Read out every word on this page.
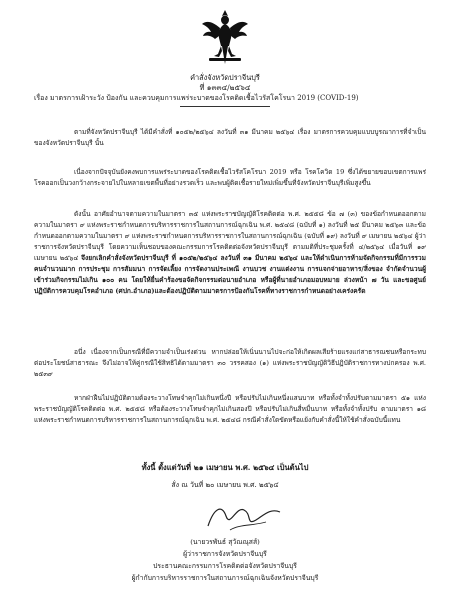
คำสั่งจังหวัดปราจีนบุรี
ที่ ๑๓๓๔/๒๕๖๔
เรื่อง มาตรการเฝ้าระวัง ป้องกัน และควบคุมการแพร่ระบาดของโรคติดเชื้อไวรัสโคโรนา 2019 (COVID-19)
ตามที่จังหวัดปราจีนบุรี ได้มีคำสั่งที่ ๑๐๕๒/๒๕๖๔ ลงวันที่ ๓๑ มีนาคม ๒๕๖๔ เรื่อง มาตรการควบคุมแบบบูรณาการที่จำเป็นของจังหวัดปราจีนบุรี นั้น
เนื่องจากปัจจุบันยังคงพบการแพร่ระบาดของโรคติดเชื้อไวรัสโคโรนา 2019 หรือ โรคโควิด 19 ซึ่งได้ขยายขอบเขตการแพร่โรคออกเป็นวงกว้างกระจายไปในหลายเขตพื้นที่อย่างรวดเร็ว และพบผู้ติดเชื้อรายใหม่เพิ่มขึ้นที่จังหวัดปราจีนบุรีเพิ่มสูงขึ้น
ดังนั้น อาศัยอำนาจตามความในมาตรา ๓๕ แห่งพระราชบัญญัติโรคติดต่อ พ.ศ. ๒๕๕๘ ข้อ ๗ (๓) ของข้อกำหนดออกตามความในมาตรา ๙ แห่งพระราชกำหนดการบริหารราชการในสถานการณ์ฉุกเฉิน พ.ศ. ๒๕๔๘ (ฉบับที่ ๑) ลงวันที่ ๒๕ มีนาคม ๒๕๖๓ และข้อกำหนดออกตามความในมาตรา ๙ แห่งพระราชกำหนดการบริหารราชการในสถานการณ์ฉุกเฉิน (ฉบับที่ ๑๙) ลงวันที่ ๙ เมษายน ๒๕๖๔ ผู้ว่าราชการจังหวัดปราจีนบุรี โดยความเห็นชอบของคณะกรรมการโรคติดต่อจังหวัดปราจีนบุรี ตามมติที่ประชุมครั้งที่ ๔/๒๕๖๔ เมื่อวันที่ ๑๙ เมษายน ๒๕๖๔ จึงยกเลิกคำสั่งจังหวัดปราจีนบุรี ที่ ๑๐๕๒/๒๕๖๔ ลงวันที่ ๓๑ มีนาคม ๒๕๖๔ และให้ดำเนินการห้ามจัดกิจกรรมที่มีการรวมคนจำนวนมาก การประชุม การสัมมนา การจัดเลี้ยง การจัดงานประเพณี งานบวช งานแต่งงาน การแจกจ่ายอาหาร/สิ่งของ จำกัดจำนวนผู้เข้าร่วมกิจกรรมไม่เกิน ๑๐๐ คน โดยให้ยื่นคำร้องขอจัดกิจกรรมต่อนายอำเภอ หรือผู้ที่นายอำเภอมอบหมาย ล่วงหน้า ๗ วัน และขอศูนย์ปฏิบัติการควบคุมโรคอำเภอ (ศปก.อำเภอ)และต้องปฏิบัติตามมาตรการป้องกันโรคที่ทางราชการกำหนดอย่างเคร่งครัด
อนึ่ง เนื่องจากเป็นกรณีที่มีความจำเป็นเร่งด่วน หากปล่อยให้เนิ่นนานไปจะก่อให้เกิดผลเสียร้ายแรงแก่สาธารณชนหรือกระทบต่อประโยชน์สาธารณะ จึงไม่อาจให้คู่กรณีใช้สิทธิได้ตามมาตรา ๓๐ วรรคสอง (๑) แห่งพระราชบัญญัติวิธีปฏิบัติราชการทางปกครอง พ.ศ. ๒๕๓๙
หากฝ่าฝืนไม่ปฏิบัติตามต้องระวางโทษจำคุกไม่เกินหนึ่งปี หรือปรับไม่เกินหนึ่งแสนบาท หรือทั้งจำทั้งปรับตามมาตรา ๕๑ แห่งพระราชบัญญัติโรคติดต่อ พ.ศ. ๒๕๕๘ หรือต้องระวางโทษจำคุกไม่เกินสองปี หรือปรับไม่เกินสี่หมื่นบาท หรือทั้งจำทั้งปรับ ตามมาตรา ๑๘ แห่งพระราชกำหนดการบริหารราชการในสถานการณ์ฉุกเฉิน พ.ศ. ๒๕๔๘ กรณีคำสั่งใดขัดหรือแย้งกับคำสั่งนี้ให้ใช้คำสั่งฉบับนี้แทน
ทั้งนี้ ตั้งแต่วันที่ ๒๑ เมษายน พ.ศ. ๒๕๖๔ เป็นต้นไป
สั่ง ณ วันที่ ๒๐ เมษายน พ.ศ. ๒๕๖๔
(นายวรพันธ์ สุวัณณุสส์)
ผู้ว่าราชการจังหวัดปราจีนบุรี
ประธานคณะกรรมการโรคติดต่อจังหวัดปราจีนบุรี
ผู้กำกับการบริหารราชการในสถานการณ์ฉุกเฉินจังหวัดปราจีนบุรี
